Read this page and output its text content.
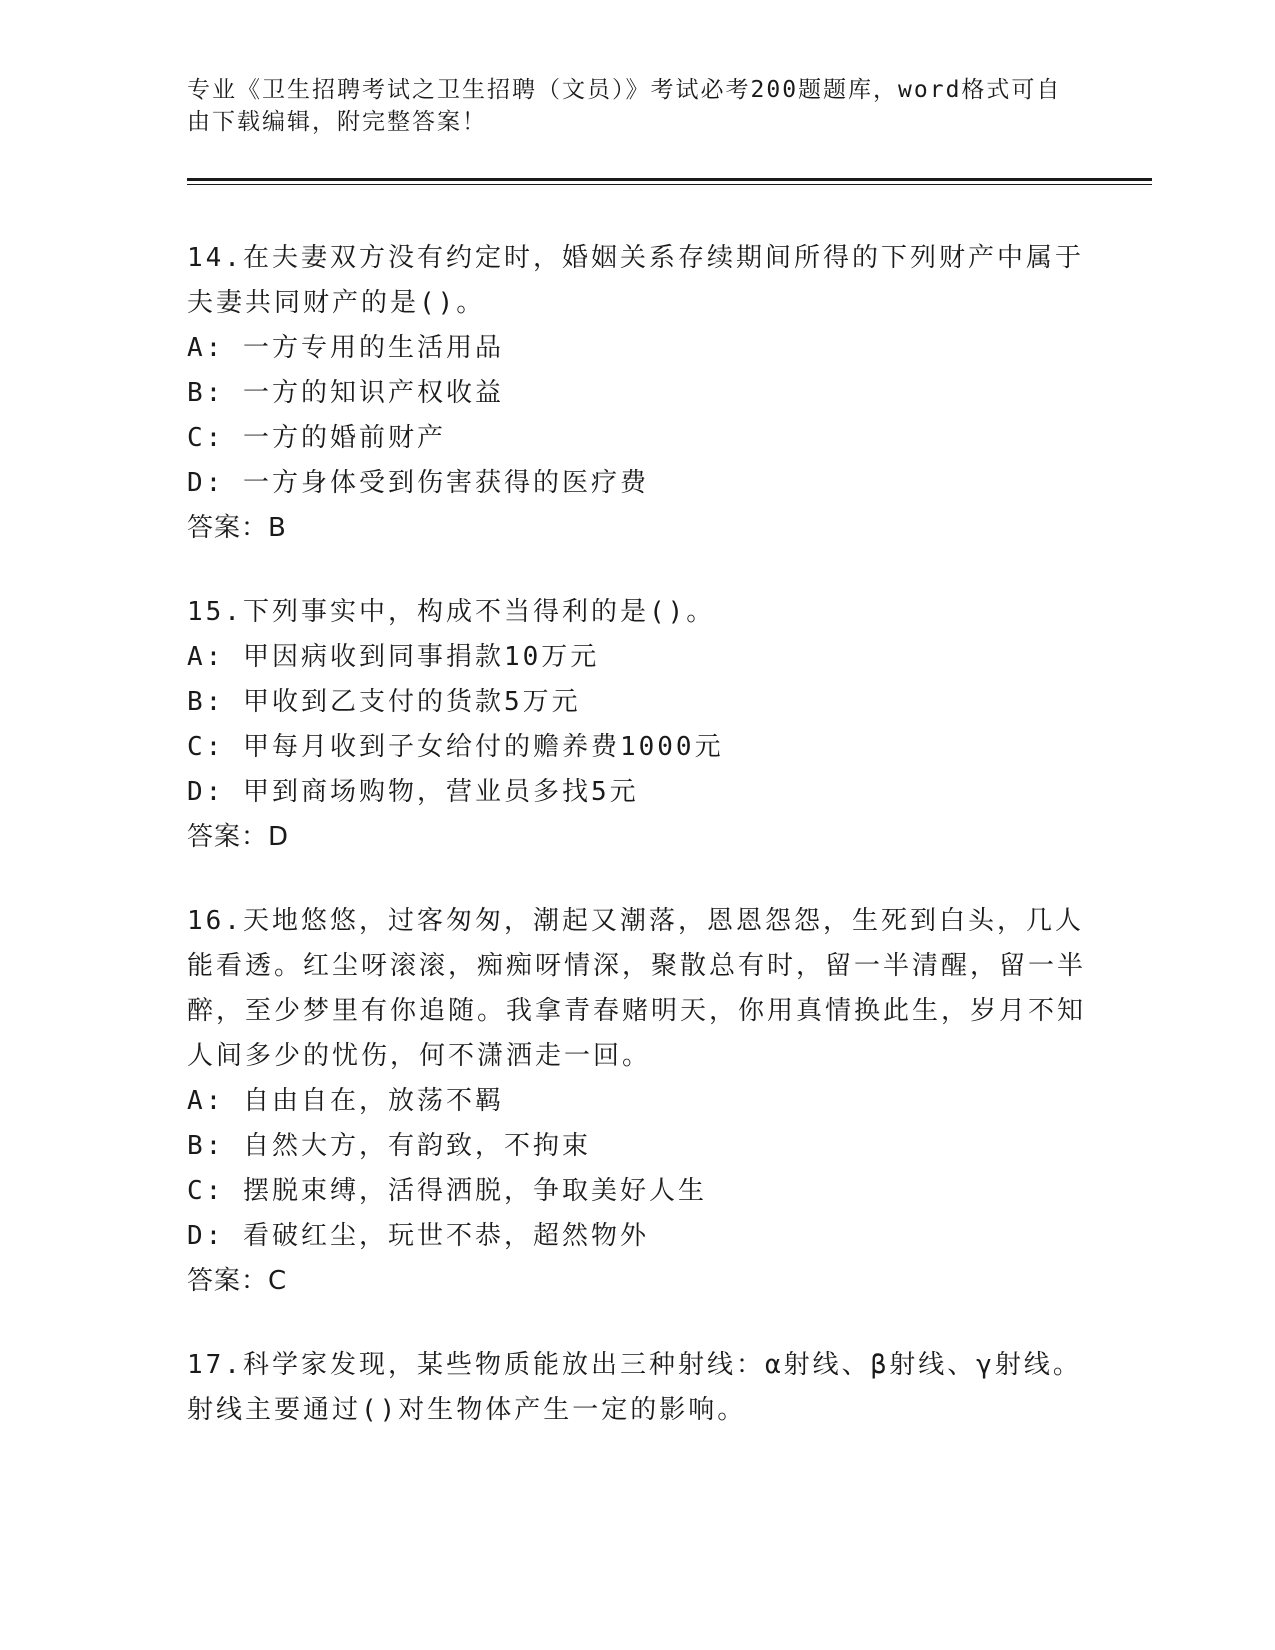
专业《卫生招聘考试之卫生招聘（文员）》考试必考200题题库，word格式可自由下载编辑，附完整答案！

14.在夫妻双方没有约定时，婚姻关系存续期间所得的下列财产中属于夫妻共同财产的是()。

A: 一方专用的生活用品

B: 一方的知识产权收益

C: 一方的婚前财产

D: 一方身体受到伤害获得的医疗费

答案：B

15.下列事实中，构成不当得利的是()。

A: 甲因病收到同事捐款10万元

B: 甲收到乙支付的货款5万元

C: 甲每月收到子女给付的赡养费1000元

D: 甲到商场购物，营业员多找5元

答案：D

16.天地悠悠，过客匆匆，潮起又潮落，恩恩怨怨，生死到白头，几人能看透。红尘呀滚滚，痴痴呀情深，聚散总有时，留一半清醒，留一半醉，至少梦里有你追随。我拿青春赌明天，你用真情换此生，岁月不知人间多少的忧伤，何不潇洒走一回。

A: 自由自在，放荡不羁

B: 自然大方，有韵致，不拘束

C: 摆脱束缚，活得洒脱，争取美好人生

D: 看破红尘，玩世不恭，超然物外

答案：C

17.科学家发现，某些物质能放出三种射线：α射线、β射线、γ射线。射线主要通过()对生物体产生一定的影响。
